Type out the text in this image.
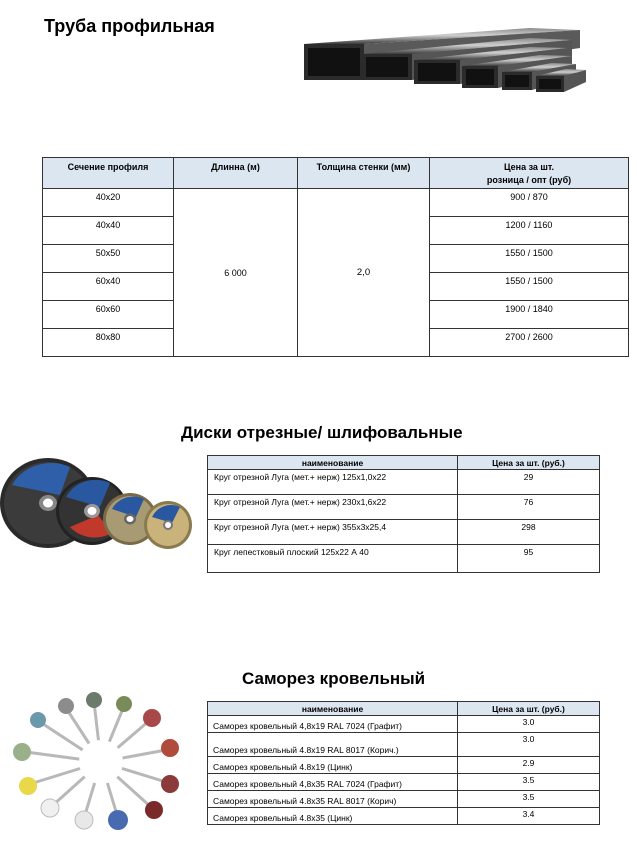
Труба профильная
Сечение профиля	Длинна (м)	Толщина стенки (мм)	Цена за шт.
розница / опт (руб)

40х20	6 000	2,0	900 / 870
40х40			1200 / 1160
50х50			1550 / 1500
60х40			1550 / 1500
60х60			1900 / 1840
80х80			2700 / 2600
Диски отрезные/ шлифовальные
наименование	Цена за шт. (руб.)
Круг отрезной Луга (мет.+ нерж) 125х1,0х22	29
Круг отрезной Луга (мет.+ нерж) 230х1,6х22	76
Круг отрезной Луга (мет.+ нерж) 355х3х25,4	298
Круг лепестковый плоский 125х22 А 40	95
Саморез кровельный
наименование	Цена за шт. (руб.)
Саморез кровельный 4,8х19 RAL 7024 (Графит)	3.0
Саморез кровельный 4.8х19 RAL 8017 (Корич.)	3.0
Саморез кровельный 4.8х19 (Цинк)	2.9
Саморез кровельный 4,8х35 RAL 7024 (Графит)	3.5
Саморез кровельный 4.8х35 RAL 8017 (Корич)	3.5
Саморез кровельный 4.8х35 (Цинк)	3.4
